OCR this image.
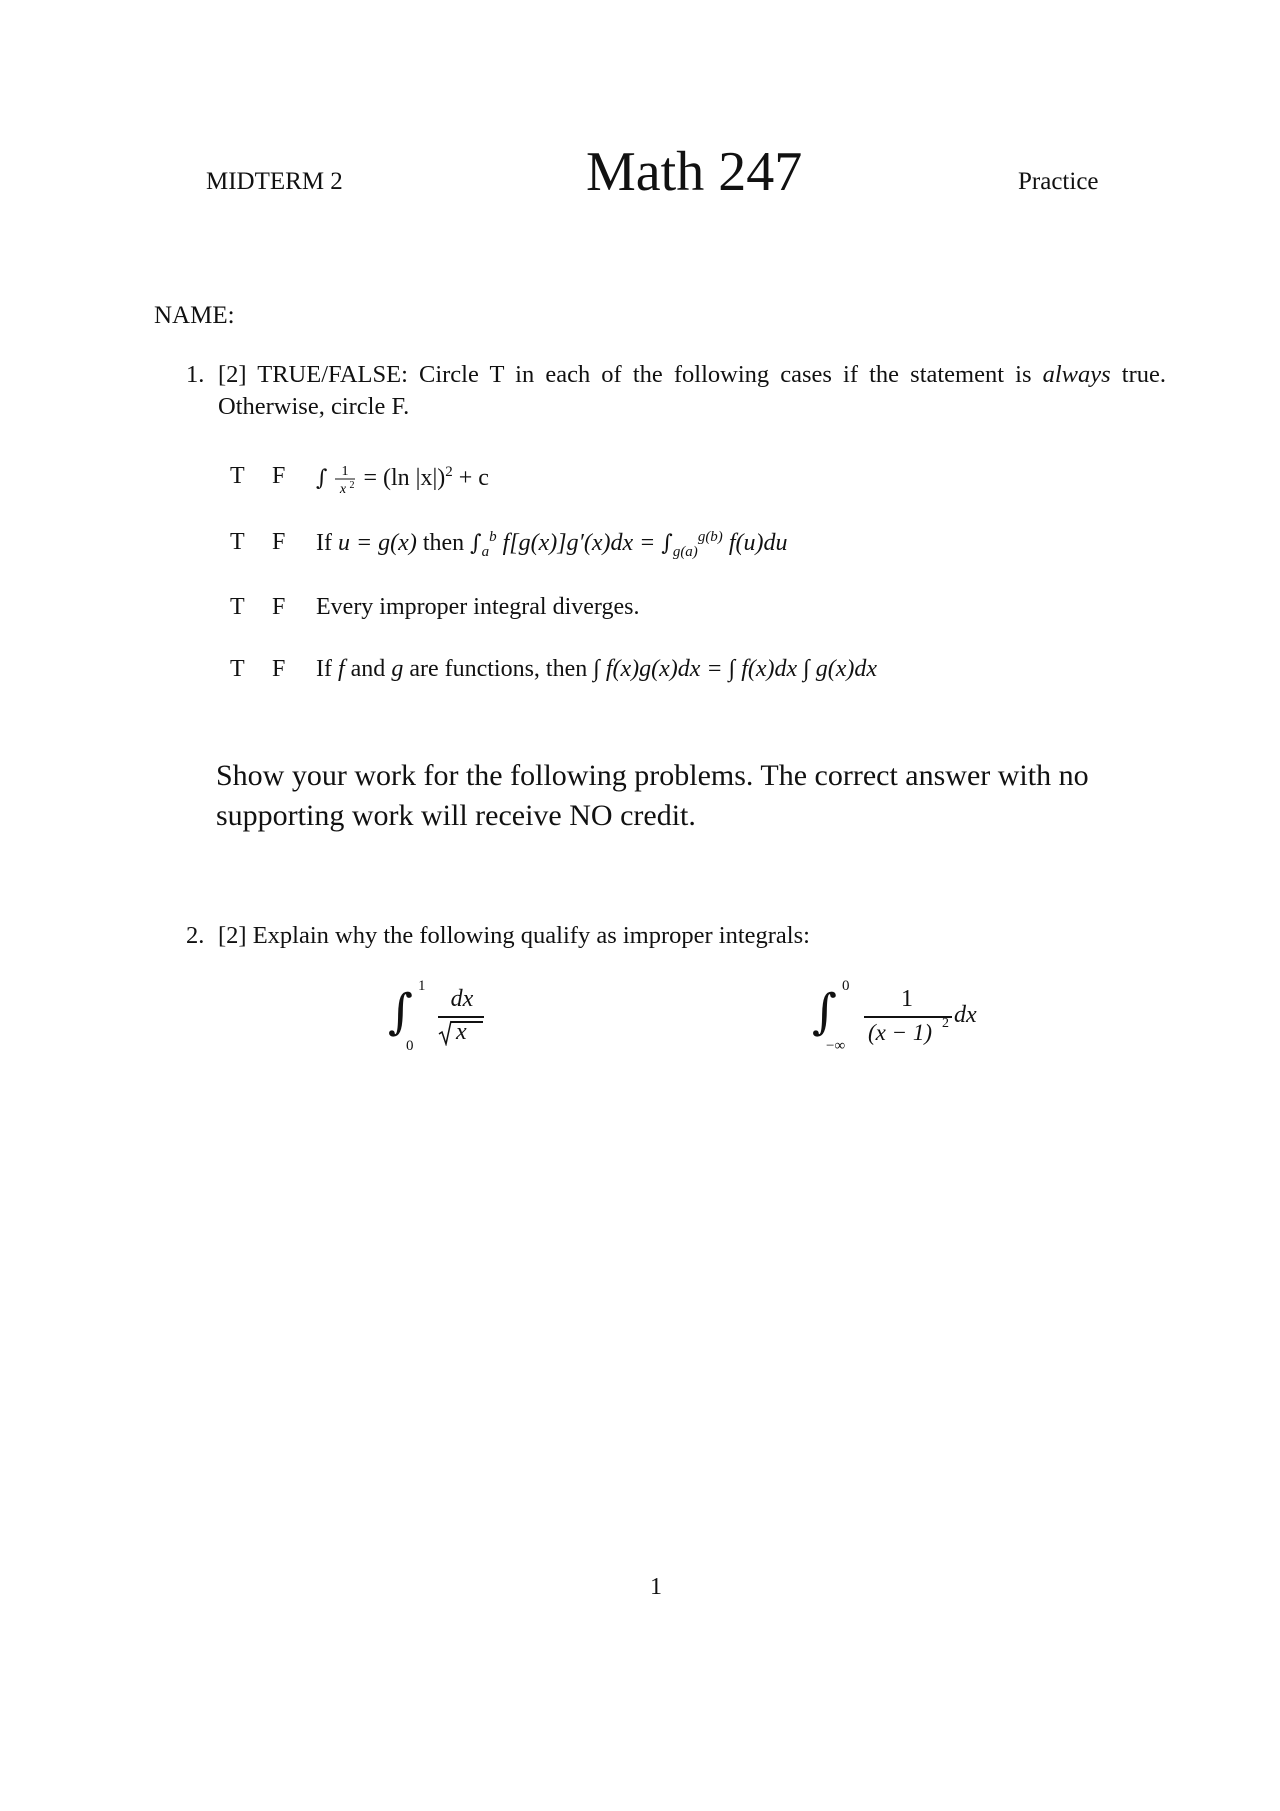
MIDTERM 2	Math 247	Practice
NAME:
1. [2] TRUE/FALSE: Circle T in each of the following cases if the statement is always true. Otherwise, circle F.
T F ∫ 1
x 2 = (ln |x|)$^2$ + c
T F If u = g(x) then $\int_a^b$ $f[g(x)]g'(x)dx = \int_{g(a)}^{g(b)}$ f(u)du
T F Every improper integral diverges.
T F If f and g are functions, then ∫ f(x)g(x)dx = ∫ f(x)dx ∫ g(x)dx
Show your work for the following problems. The correct answer with no supporting work will receive NO credit.
2. [2] Explain why the following qualify as improper integrals:
∫ 1
0
dx
x	∫ 0
−∞
1
(x − 1) 2 dx
1
